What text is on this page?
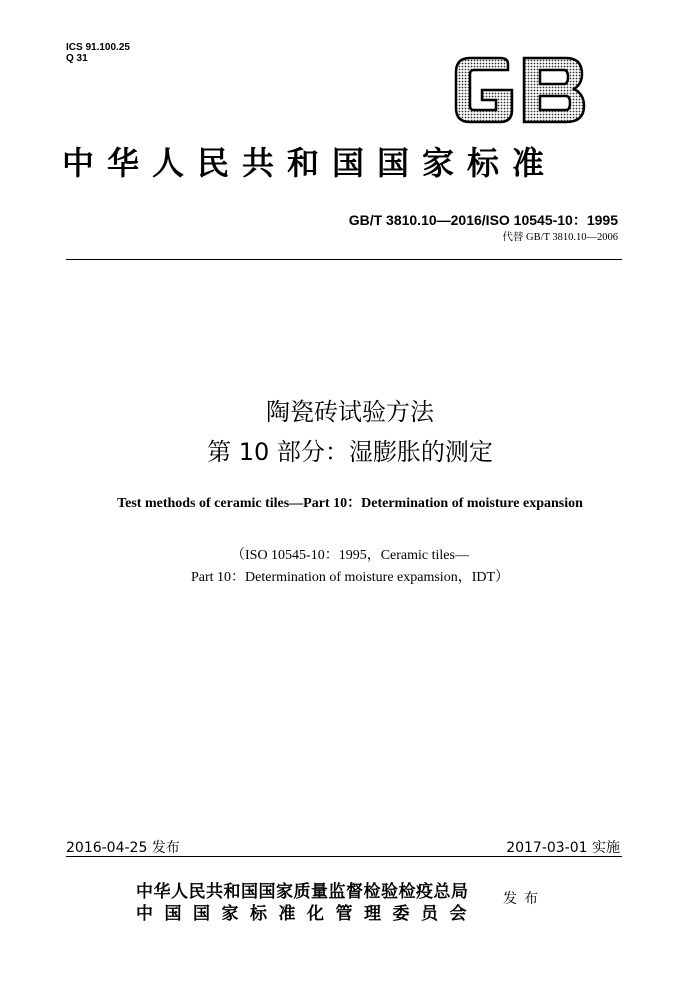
ICS 91.100.25
Q 31
中华人民共和国国家标准
GB/T 3810.10—2016/ISO 10545-10：1995
代替 GB/T 3810.10—2006
陶瓷砖试验方法
第 10 部分：湿膨胀的测定
Test methods of ceramic tiles—Part 10：Determination of moisture expansion
（ISO 10545-10：1995，Ceramic tiles—
Part 10：Determination of moisture expamsion，IDT）
2016-04-25 发布	2017-03-01 实施
中华人民共和国国家质量监督检验检疫总局
中国国家标准化管理委员会
发布
